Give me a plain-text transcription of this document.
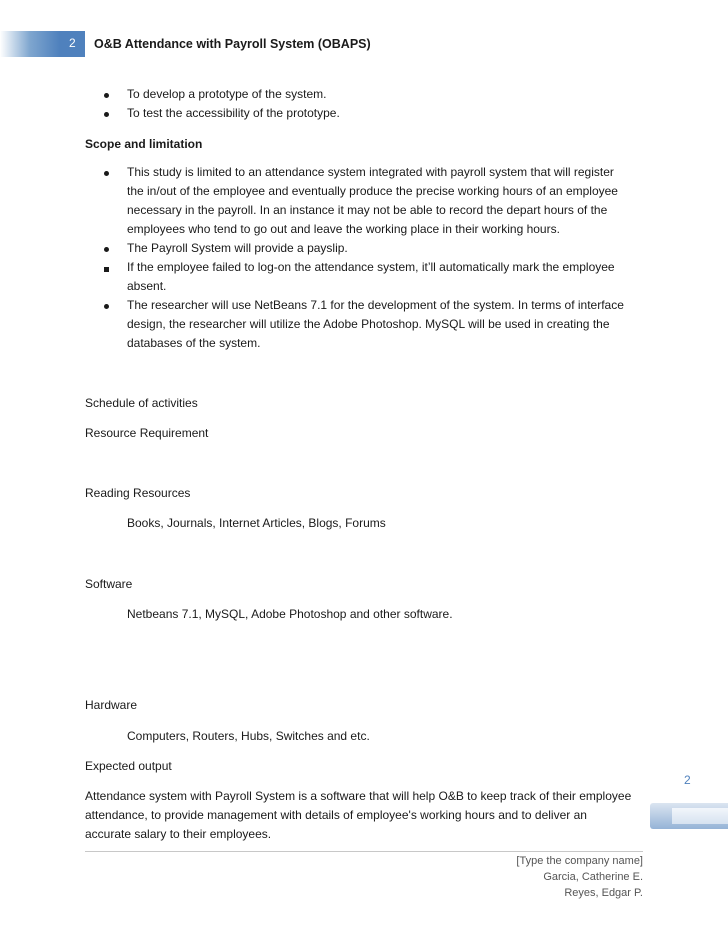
2 O&B Attendance with Payroll System (OBAPS)
To develop a prototype of the system.
To test the accessibility of the prototype.
Scope and limitation
This study is limited to an attendance system integrated with payroll system that will register
the in/out of the employee and eventually produce the precise working hours of an employee
necessary in the payroll. In an instance it may not be able to record the depart hours of the
employees who tend to go out and leave the working place in their working hours.
The Payroll System will provide a payslip.
If the employee failed to log-on the attendance system, it’ll automatically mark the employee
absent.
The researcher will use NetBeans 7.1 for the development of the system. In terms of interface
design, the researcher will utilize the Adobe Photoshop. MySQL will be used in creating the
databases of the system.
Schedule of activities
Resource Requirement
Reading Resources
Books, Journals, Internet Articles, Blogs, Forums
Software
Netbeans 7.1, MySQL, Adobe Photoshop and other software.
Hardware
Computers, Routers, Hubs, Switches and etc.
Expected output
Attendance system with Payroll System is a software that will help O&B to keep track of their employee
attendance, to provide management with details of employee's working hours and to deliver an
accurate salary to their employees.
2
[Type the company name]
Garcia, Catherine E.
Reyes, Edgar P.
